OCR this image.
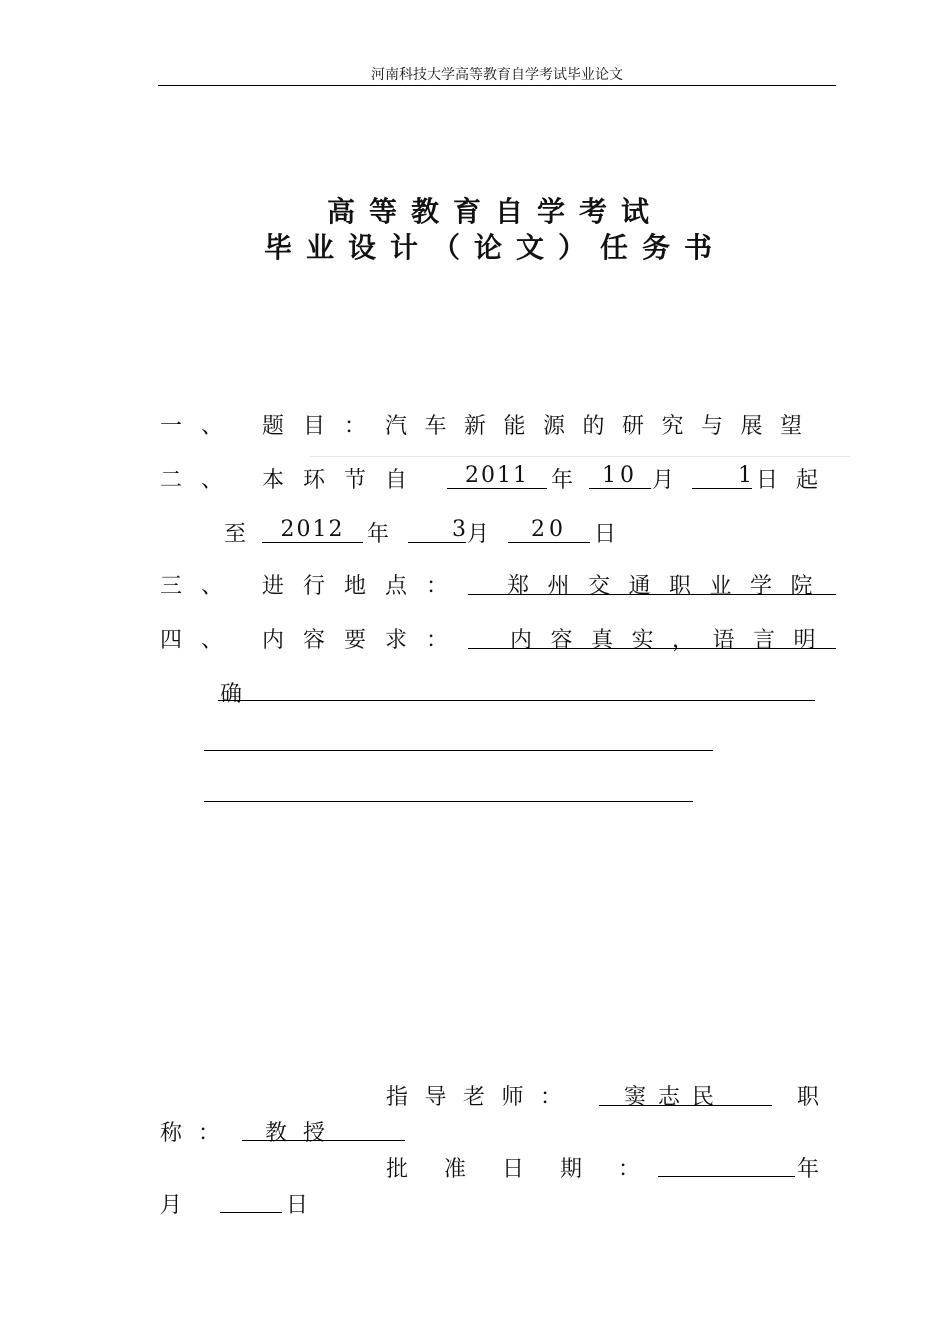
河南科技大学高等教育自学考试毕业论文
高等教育自学考试
毕业设计（论文）任务书
一、 题目： 汽车新能源的研究与展望
二、 本环节自	2011	年	10 月	1 日起
至	2012	年	3 月	20	日
三、 进行地点： 郑州交通职业学院
四、 内容要求： 内容真实，语言明
确
指导老师： 窦志民	职
称： 教授
批准日期：	年
月	日
